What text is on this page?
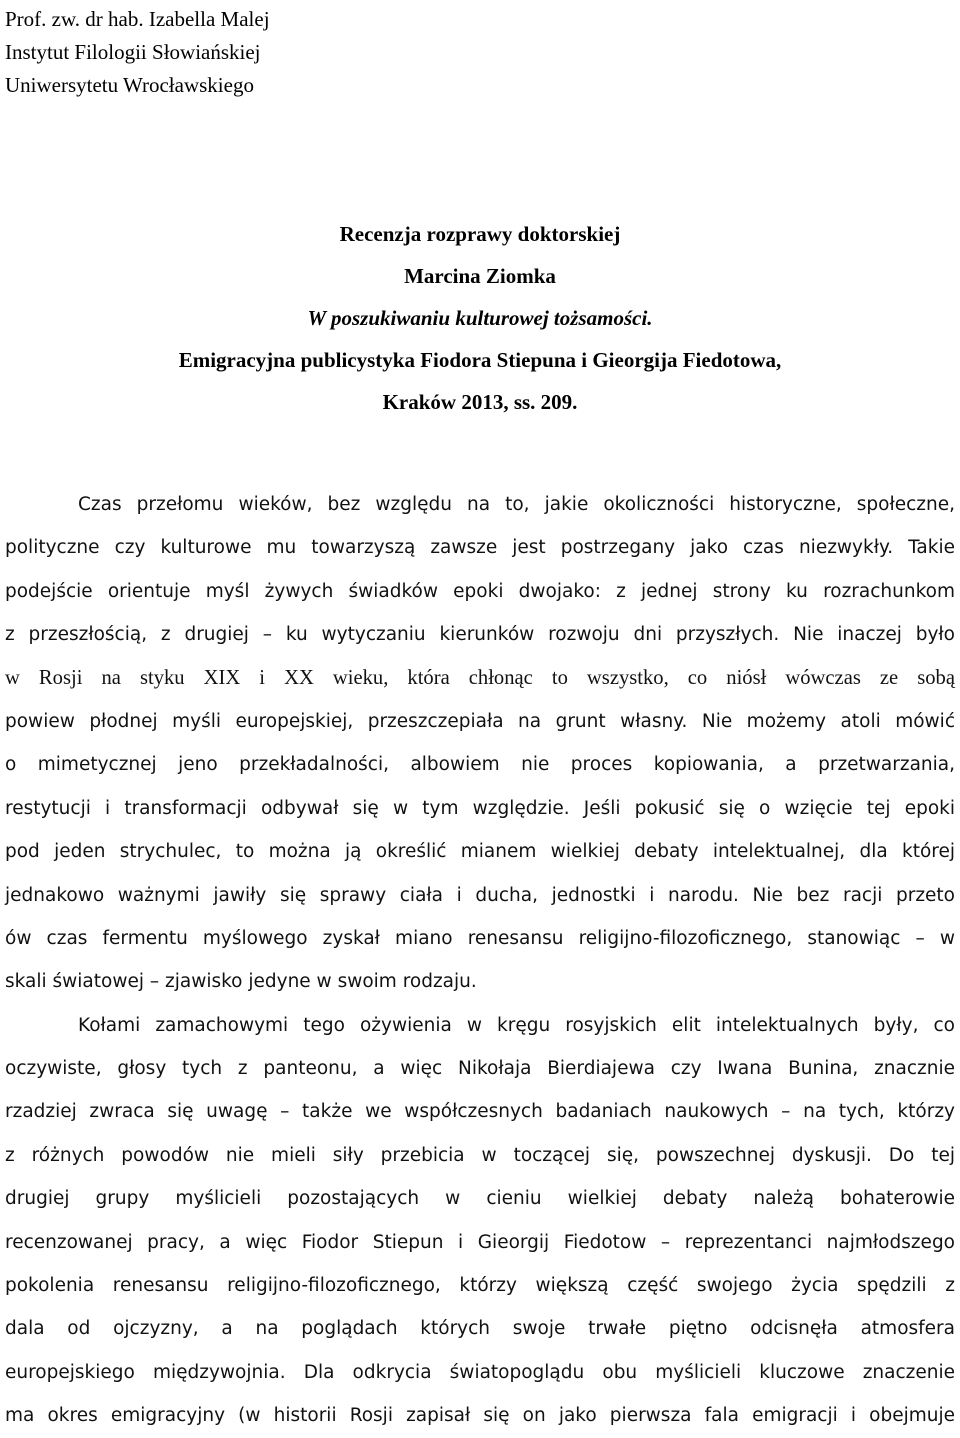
Prof. zw. dr hab. Izabella Malej
Instytut Filologii Słowiańskiej
Uniwersytetu Wrocławskiego
Recenzja rozprawy doktorskiej
Marcina Ziomka
W poszukiwaniu kulturowej tożsamości.
Emigracyjna publicystyka Fiodora Stiepuna i Gieorgija Fiedotowa,
Kraków 2013, ss. 209.
Czas przełomu wieków, bez względu na to, jakie okoliczności historyczne, społeczne,
polityczne czy kulturowe mu towarzyszą zawsze jest postrzegany jako czas niezwykły. Takie
podejście orientuje myśl żywych świadków epoki dwojako: z jednej strony ku rozrachunkom
z przeszłością, z drugiej – ku wytyczaniu kierunków rozwoju dni przyszłych. Nie inaczej było
w Rosji na styku XIX i XX wieku, która chłonąc to wszystko, co niósł wówczas ze sobą
powiew płodnej myśli europejskiej, przeszczepiała na grunt własny. Nie możemy atoli mówić
o mimetycznej jeno przekładalności, albowiem nie proces kopiowania, a przetwarzania,
restytucji i transformacji odbywał się w tym względzie. Jeśli pokusić się o wzięcie tej epoki
pod jeden strychulec, to można ją określić mianem wielkiej debaty intelektualnej, dla której
jednakowo ważnymi jawiły się sprawy ciała i ducha, jednostki i narodu. Nie bez racji przeto
ów czas fermentu myślowego zyskał miano renesansu religijno-filozoficznego, stanowiąc – w
skali światowej – zjawisko jedyne w swoim rodzaju.
Kołami zamachowymi tego ożywienia w kręgu rosyjskich elit intelektualnych były, co
oczywiste, głosy tych z panteonu, a więc Nikołaja Bierdiajewa czy Iwana Bunina, znacznie
rzadziej zwraca się uwagę – także we współczesnych badaniach naukowych – na tych, którzy
z różnych powodów nie mieli siły przebicia w toczącej się, powszechnej dyskusji. Do tej
drugiej grupy myślicieli pozostających w cieniu wielkiej debaty należą bohaterowie
recenzowanej pracy, a więc Fiodor Stiepun i Gieorgij Fiedotow – reprezentanci najmłodszego
pokolenia renesansu religijno-filozoficznego, którzy większą część swojego życia spędzili z
dala od ojczyzny, a na poglądach których swoje trwałe piętno odcisnęła atmosfera
europejskiego międzywojnia. Dla odkrycia światopoglądu obu myślicieli kluczowe znaczenie
ma okres emigracyjny (w historii Rosji zapisał się on jako pierwsza fala emigracji i obejmuje
